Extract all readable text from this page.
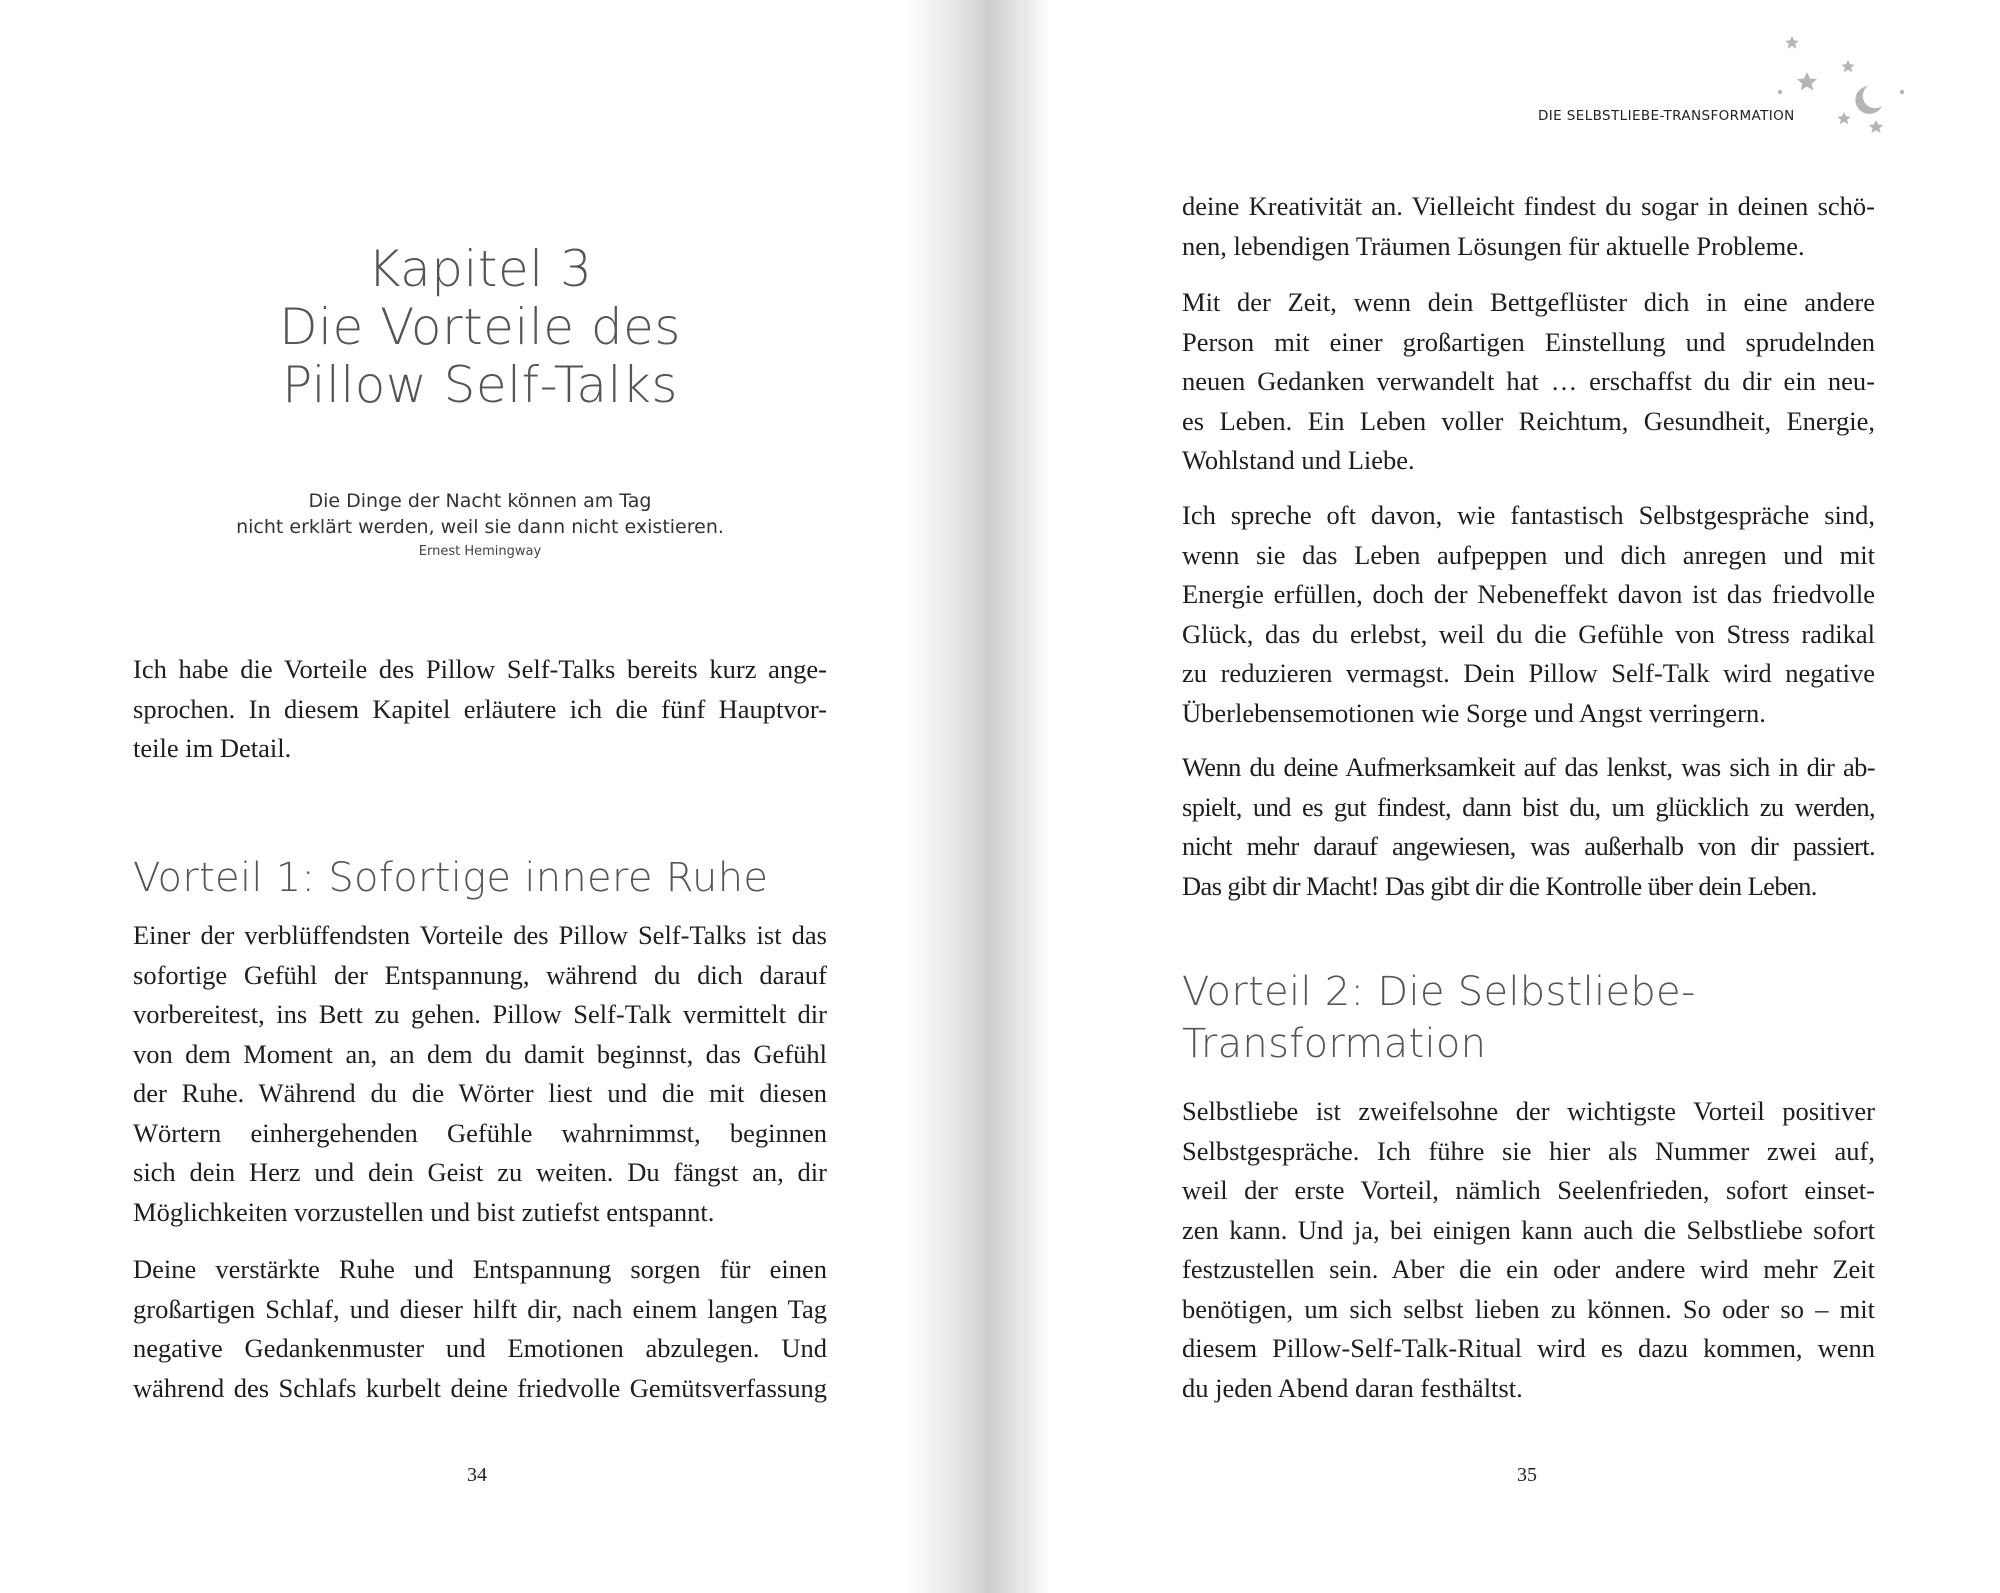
Kapitel 3
Die Vorteile des
Pillow Self-Talks
Die Dinge der Nacht können am Tag
nicht erklärt werden, weil sie dann nicht existieren.
Ernest Hemingway

Ich habe die Vorteile des Pillow Self-Talks bereits kurz ange-
sprochen. In diesem Kapitel erläutere ich die fünf Hauptvor-
teile im Detail.

Vorteil 1: Sofortige innere Ruhe

Einer der verblüffendsten Vorteile des Pillow Self-Talks ist das
sofortige Gefühl der Entspannung, während du dich darauf
vorbereitest, ins Bett zu gehen. Pillow Self-Talk vermittelt dir
von dem Moment an, an dem du damit beginnst, das Gefühl
der Ruhe. Während du die Wörter liest und die mit diesen
Wörtern einhergehenden Gefühle wahrnimmst, beginnen
sich dein Herz und dein Geist zu weiten. Du fängst an, dir
Möglichkeiten vorzustellen und bist zutiefst entspannt.

Deine verstärkte Ruhe und Entspannung sorgen für einen
großartigen Schlaf, und dieser hilft dir, nach einem langen Tag
negative Gedankenmuster und Emotionen abzulegen. Und
während des Schlafs kurbelt deine friedvolle Gemütsverfassung

34
DIE SELBSTLIEBE-TRANSFORMATION

deine Kreativität an. Vielleicht findest du sogar in deinen schö-
nen, lebendigen Träumen Lösungen für aktuelle Probleme.

Mit der Zeit, wenn dein Bettgeflüster dich in eine andere
Person mit einer großartigen Einstellung und sprudelnden
neuen Gedanken verwandelt hat … erschaffst du dir ein neu-
es Leben. Ein Leben voller Reichtum, Gesundheit, Energie,
Wohlstand und Liebe.

Ich spreche oft davon, wie fantastisch Selbstgespräche sind,
wenn sie das Leben aufpeppen und dich anregen und mit
Energie erfüllen, doch der Nebeneffekt davon ist das friedvolle
Glück, das du erlebst, weil du die Gefühle von Stress radikal
zu reduzieren vermagst. Dein Pillow Self-Talk wird negative
Überlebensemotionen wie Sorge und Angst verringern.

Wenn du deine Aufmerksamkeit auf das lenkst, was sich in dir ab-
spielt, und es gut findest, dann bist du, um glücklich zu werden,
nicht mehr darauf angewiesen, was außerhalb von dir passiert.
Das gibt dir Macht! Das gibt dir die Kontrolle über dein Leben.

Vorteil 2: Die Selbstliebe-
Transformation

Selbstliebe ist zweifelsohne der wichtigste Vorteil positiver
Selbstgespräche. Ich führe sie hier als Nummer zwei auf,
weil der erste Vorteil, nämlich Seelenfrieden, sofort einset-
zen kann. Und ja, bei einigen kann auch die Selbstliebe sofort
festzustellen sein. Aber die ein oder andere wird mehr Zeit
benötigen, um sich selbst lieben zu können. So oder so – mit
diesem Pillow-Self-Talk-Ritual wird es dazu kommen, wenn
du jeden Abend daran festhältst.

35
